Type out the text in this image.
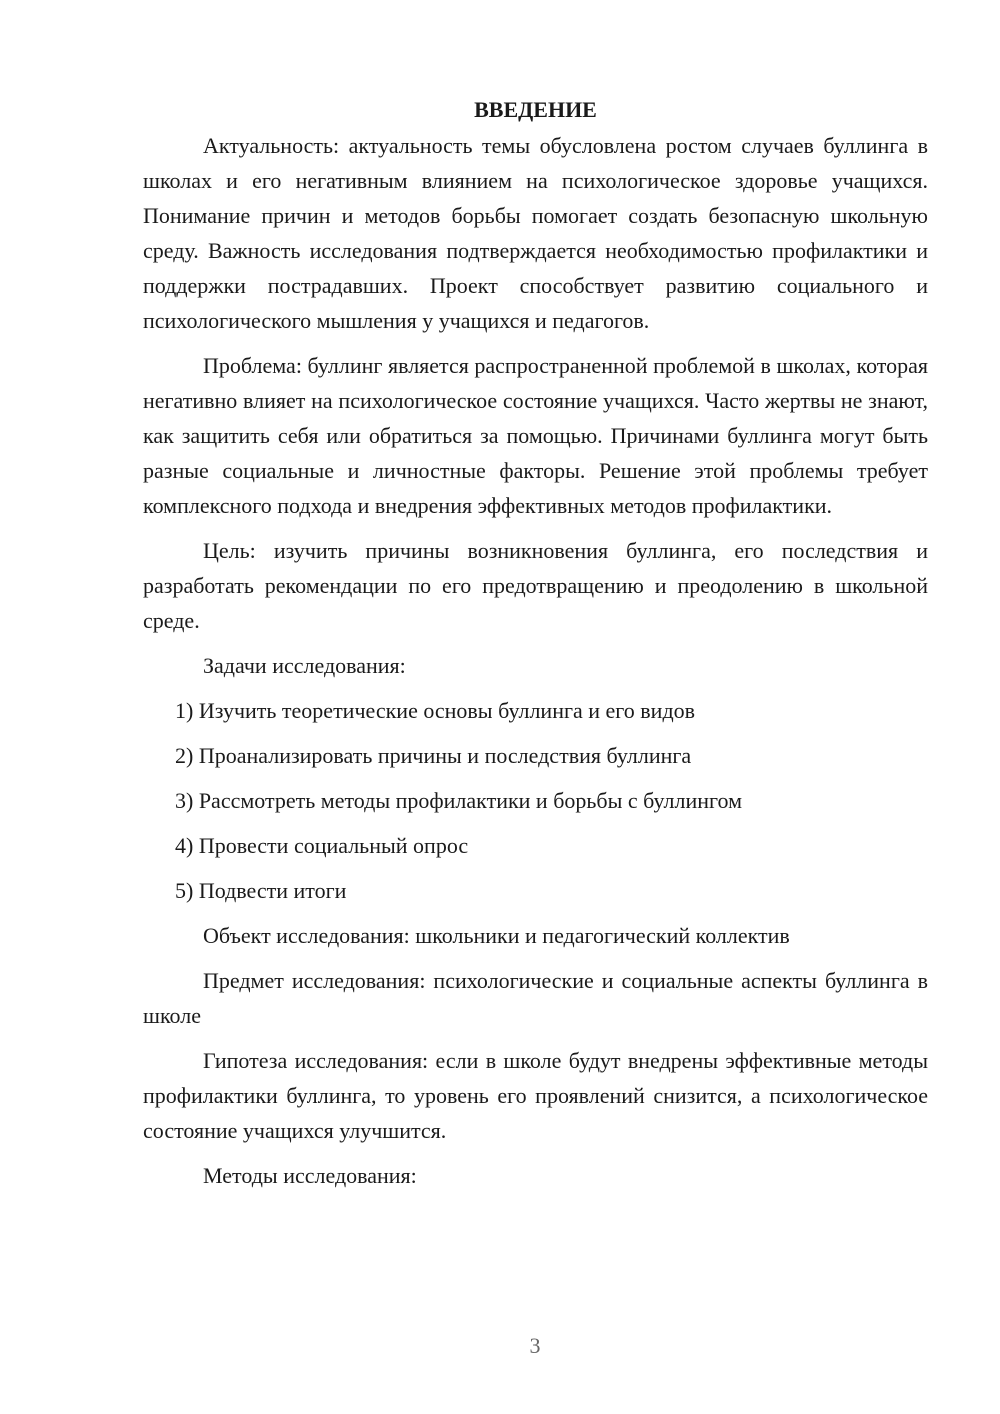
ВВЕДЕНИЕ

Актуальность: актуальность темы обусловлена ростом случаев буллинга в школах и его негативным влиянием на психологическое здоровье учащихся. Понимание причин и методов борьбы помогает создать безопасную школьную среду. Важность исследования подтверждается необходимостью профилактики и поддержки пострадавших. Проект способствует развитию социального и психологического мышления у учащихся и педагогов.

Проблема: буллинг является распространенной проблемой в школах, которая негативно влияет на психологическое состояние учащихся. Часто жертвы не знают, как защитить себя или обратиться за помощью. Причинами буллинга могут быть разные социальные и личностные факторы. Решение этой проблемы требует комплексного подхода и внедрения эффективных методов профилактики.

Цель: изучить причины возникновения буллинга, его последствия и разработать рекомендации по его предотвращению и преодолению в школьной среде.

Задачи исследования:

1) Изучить теоретические основы буллинга и его видов
2) Проанализировать причины и последствия буллинга
3) Рассмотреть методы профилактики и борьбы с буллингом
4) Провести социальный опрос
5) Подвести итоги

Объект исследования: школьники и педагогический коллектив

Предмет исследования: психологические и социальные аспекты буллинга в школе

Гипотеза исследования: если в школе будут внедрены эффективные методы профилактики буллинга, то уровень его проявлений снизится, а психологическое состояние учащихся улучшится.

Методы исследования:

3
